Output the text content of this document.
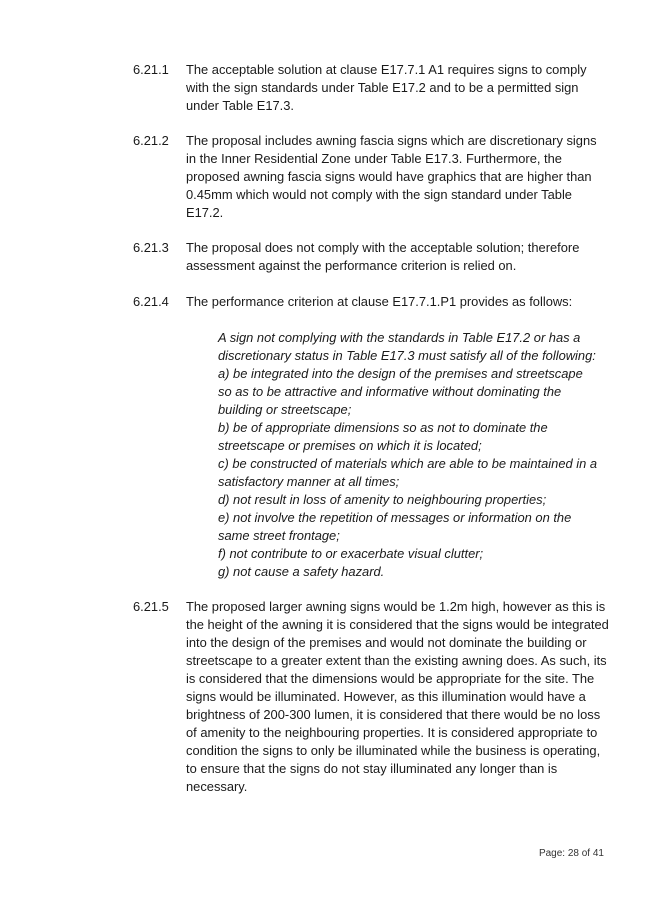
6.21.1 The acceptable solution at clause E17.7.1 A1 requires signs to comply
with the sign standards under Table E17.2 and to be a permitted sign
under Table E17.3.
6.21.2 The proposal includes awning fascia signs which are discretionary signs
in the Inner Residential Zone under Table E17.3. Furthermore, the
proposed awning fascia signs would have graphics that are higher than
0.45mm which would not comply with the sign standard under Table
E17.2.
6.21.3 The proposal does not comply with the acceptable solution; therefore
assessment against the performance criterion is relied on.
6.21.4 The performance criterion at clause E17.7.1.P1 provides as follows:
A sign not complying with the standards in Table E17.2 or has a
discretionary status in Table E17.3 must satisfy all of the following:
a) be integrated into the design of the premises and streetscape
so as to be attractive and informative without dominating the
building or streetscape;
b) be of appropriate dimensions so as not to dominate the
streetscape or premises on which it is located;
c) be constructed of materials which are able to be maintained in a
satisfactory manner at all times;
d) not result in loss of amenity to neighbouring properties;
e) not involve the repetition of messages or information on the
same street frontage;
f) not contribute to or exacerbate visual clutter;
g) not cause a safety hazard.
6.21.5 The proposed larger awning signs would be 1.2m high, however as this is
the height of the awning it is considered that the signs would be integrated
into the design of the premises and would not dominate the building or
streetscape to a greater extent than the existing awning does. As such, its
is considered that the dimensions would be appropriate for the site. The
signs would be illuminated. However, as this illumination would have a
brightness of 200-300 lumen, it is considered that there would be no loss
of amenity to the neighbouring properties. It is considered appropriate to
condition the signs to only be illuminated while the business is operating,
to ensure that the signs do not stay illuminated any longer than is
necessary.
Page: 28 of 41
